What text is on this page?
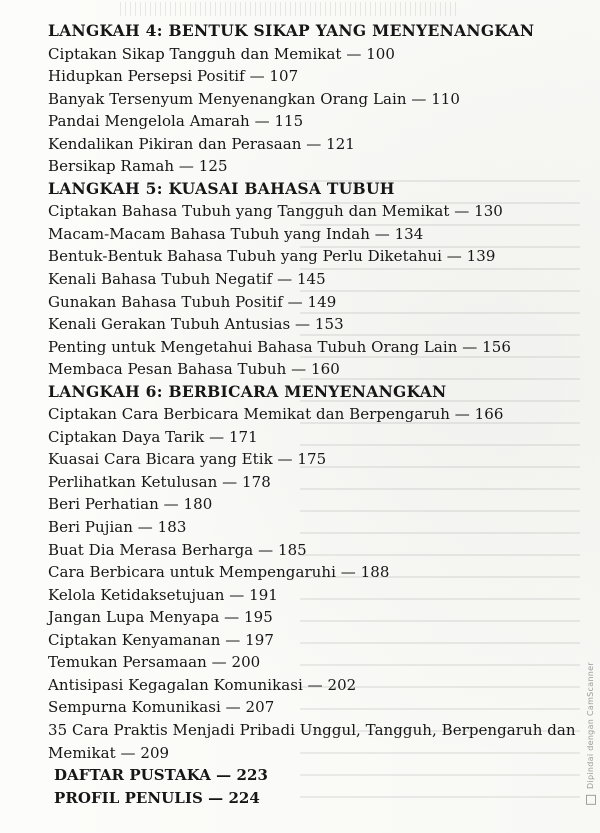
LANGKAH 4: BENTUK SIKAP YANG MENYENANGKAN
Ciptakan Sikap Tangguh dan Memikat — 100
Hidupkan Persepsi Positif — 107
Banyak Tersenyum Menyenangkan Orang Lain — 110
Pandai Mengelola Amarah — 115
Kendalikan Pikiran dan Perasaan — 121
Bersikap Ramah — 125
LANGKAH 5: KUASAI BAHASA TUBUH
Ciptakan Bahasa Tubuh yang Tangguh dan Memikat — 130
Macam-Macam Bahasa Tubuh yang Indah — 134
Bentuk-Bentuk Bahasa Tubuh yang Perlu Diketahui — 139
Kenali Bahasa Tubuh Negatif — 145
Gunakan Bahasa Tubuh Positif — 149
Kenali Gerakan Tubuh Antusias — 153
Penting untuk Mengetahui Bahasa Tubuh Orang Lain — 156
Membaca Pesan Bahasa Tubuh — 160
LANGKAH 6: BERBICARA MENYENANGKAN
Ciptakan Cara Berbicara Memikat dan Berpengaruh — 166
Ciptakan Daya Tarik — 171
Kuasai Cara Bicara yang Etik — 175
Perlihatkan Ketulusan — 178
Beri Perhatian — 180
Beri Pujian — 183
Buat Dia Merasa Berharga — 185
Cara Berbicara untuk Mempengaruhi — 188
Kelola Ketidaksetujuan — 191
Jangan Lupa Menyapa — 195
Ciptakan Kenyamanan — 197
Temukan Persamaan — 200
Antisipasi Kegagalan Komunikasi — 202
Sempurna Komunikasi — 207
35 Cara Praktis Menjadi Pribadi Unggul, Tangguh, Berpengaruh dan
Memikat — 209
DAFTAR PUSTAKA — 223
PROFIL PENULIS — 224
Dipindai dengan CamScanner
